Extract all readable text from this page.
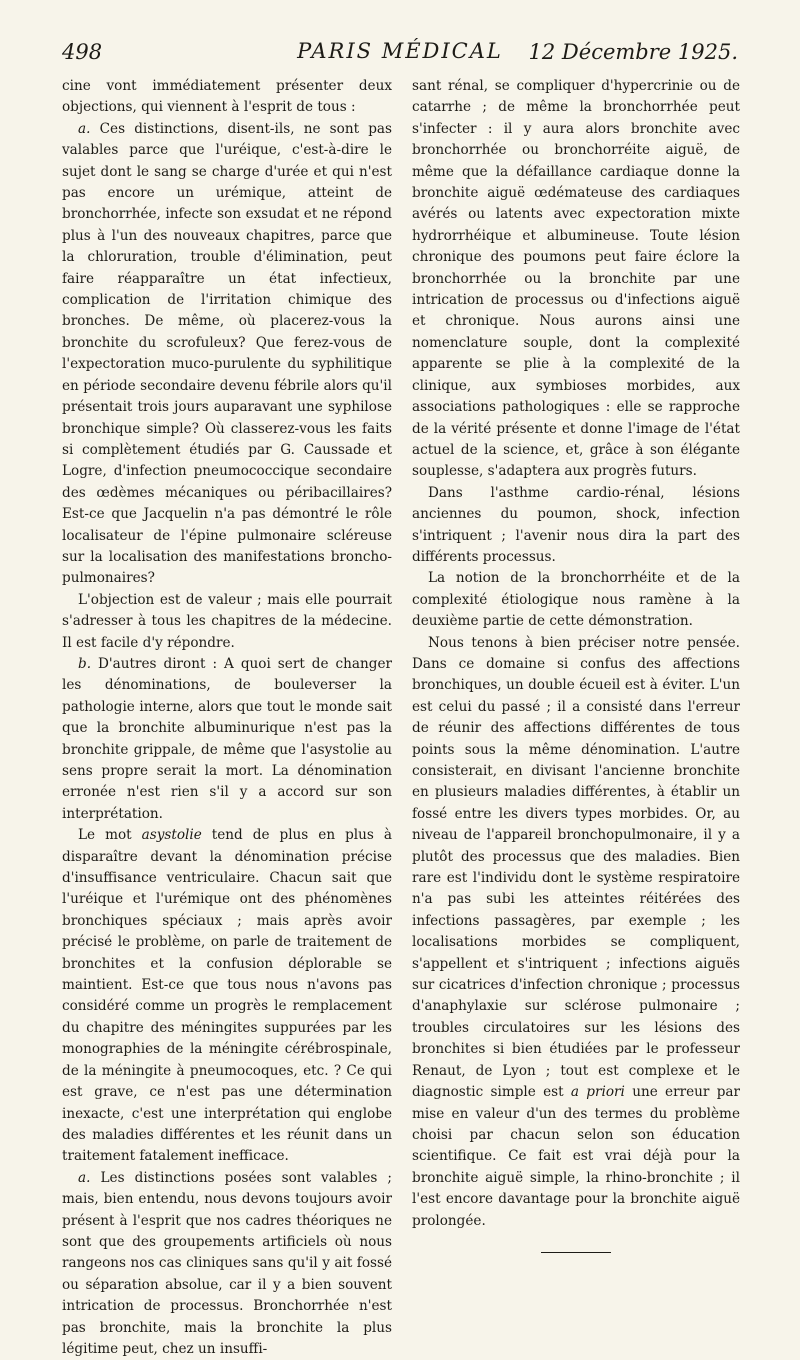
498	PARIS MÉDICAL	12 Décembre 1925.

cine vont immédiatement présenter deux objections, qui viennent à l'esprit de tous :

a. Ces distinctions, disent-ils, ne sont pas valables parce que l'uréique, c'est-à-dire le sujet dont le sang se charge d'urée et qui n'est pas encore un urémique, atteint de bronchorrhée, infecte son exsudat et ne répond plus à l'un des nouveaux chapitres, parce que la chloruration, trouble d'élimination, peut faire réapparaître un état infectieux, complication de l'irritation chimique des bronches. De même, où placerez-vous la bronchite du scrofuleux? Que ferez-vous de l'expectoration muco-purulente du syphilitique en période secondaire devenu fébrile alors qu'il présentait trois jours auparavant une syphilose bronchique simple? Où classerez-vous les faits si complètement étudiés par G. Caussade et Logre, d'infection pneumococcique secondaire des œdèmes mécaniques ou péribacillaires? Est-ce que Jacquelin n'a pas démontré le rôle localisateur de l'épine pulmonaire scléreuse sur la localisation des manifestations broncho-pulmonaires?

L'objection est de valeur ; mais elle pourrait s'adresser à tous les chapitres de la médecine. Il est facile d'y répondre.

b. D'autres diront : A quoi sert de changer les dénominations, de bouleverser la pathologie interne, alors que tout le monde sait que la bronchite albuminurique n'est pas la bronchite grippale, de même que l'asystolie au sens propre serait la mort. La dénomination erronée n'est rien s'il y a accord sur son interprétation.

Le mot asystolie tend de plus en plus à disparaître devant la dénomination précise d'insuffisance ventriculaire. Chacun sait que l'uréique et l'urémique ont des phénomènes bronchiques spéciaux ; mais après avoir précisé le problème, on parle de traitement de bronchites et la confusion déplorable se maintient. Est-ce que tous nous n'avons pas considéré comme un progrès le remplacement du chapitre des méningites suppurées par les monographies de la méningite cérébrospinale, de la méningite à pneumocoques, etc. ? Ce qui est grave, ce n'est pas une détermination inexacte, c'est une interprétation qui englobe des maladies différentes et les réunit dans un traitement fatalement inefficace.

a. Les distinctions posées sont valables ; mais, bien entendu, nous devons toujours avoir présent à l'esprit que nos cadres théoriques ne sont que des groupements artificiels où nous rangeons nos cas cliniques sans qu'il y ait fossé ou séparation absolue, car il y a bien souvent intrication de processus. Bronchorrhée n'est pas bronchite, mais la bronchite la plus légitime peut, chez un insuffi-

sant rénal, se compliquer d'hypercrinie ou de catarrhe ; de même la bronchorrhée peut s'infecter : il y aura alors bronchite avec bronchorrhée ou bronchorréite aiguë, de même que la défaillance cardiaque donne la bronchite aiguë œdémateuse des cardiaques avérés ou latents avec expectoration mixte hydrorrhéique et albumineuse. Toute lésion chronique des poumons peut faire éclore la bronchorrhée ou la bronchite par une intrication de processus ou d'infections aiguë et chronique. Nous aurons ainsi une nomenclature souple, dont la complexité apparente se plie à la complexité de la clinique, aux symbioses morbides, aux associations pathologiques : elle se rapproche de la vérité présente et donne l'image de l'état actuel de la science, et, grâce à son élégante souplesse, s'adaptera aux progrès futurs.

Dans l'asthme cardio-rénal, lésions anciennes du poumon, shock, infection s'intriquent ; l'avenir nous dira la part des différents processus.

La notion de la bronchorrhéite et de la complexité étiologique nous ramène à la deuxième partie de cette démonstration.

Nous tenons à bien préciser notre pensée. Dans ce domaine si confus des affections bronchiques, un double écueil est à éviter. L'un est celui du passé ; il a consisté dans l'erreur de réunir des affections différentes de tous points sous la même dénomination. L'autre consisterait, en divisant l'ancienne bronchite en plusieurs maladies différentes, à établir un fossé entre les divers types morbides. Or, au niveau de l'appareil bronchopulmonaire, il y a plutôt des processus que des maladies. Bien rare est l'individu dont le système respiratoire n'a pas subi les atteintes réitérées des infections passagères, par exemple ; les localisations morbides se compliquent, s'appellent et s'intriquent ; infections aiguës sur cicatrices d'infection chronique ; processus d'anaphylaxie sur sclérose pulmonaire ; troubles circulatoires sur les lésions des bronchites si bien étudiées par le professeur Renaut, de Lyon ; tout est complexe et le diagnostic simple est a priori une erreur par mise en valeur d'un des termes du problème choisi par chacun selon son éducation scientifique. Ce fait est vrai déjà pour la bronchite aiguë simple, la rhino-bronchite ; il l'est encore davantage pour la bronchite aiguë prolongée.
